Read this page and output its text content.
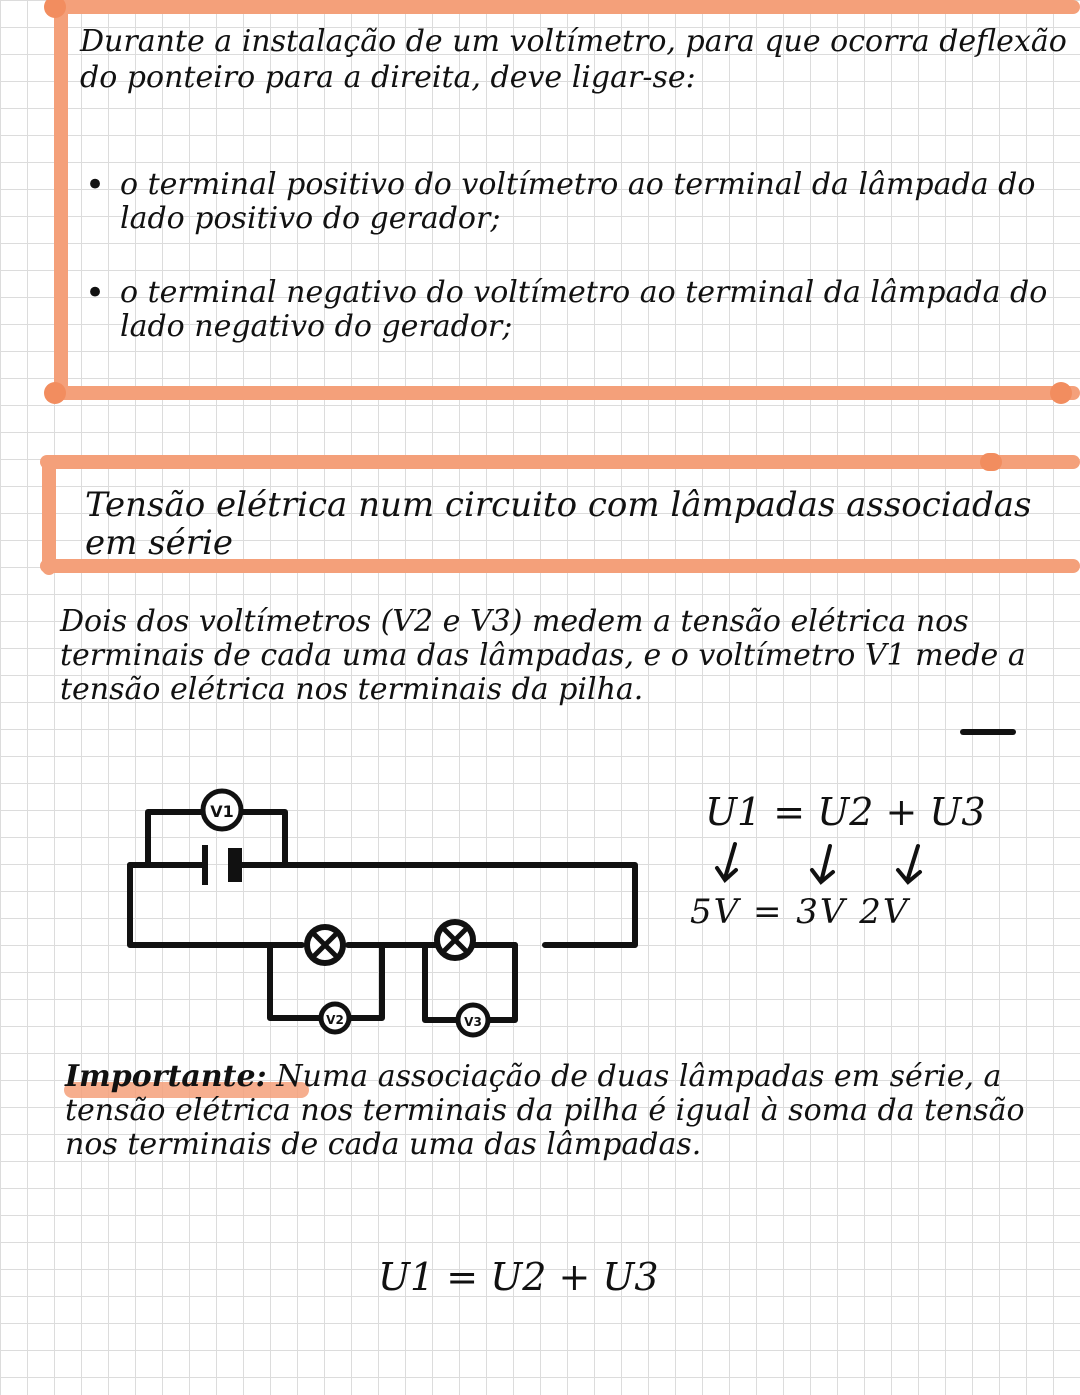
Durante a instalação de um voltímetro, para que ocorra deflexão do ponteiro para a direita, deve ligar-se:
• o terminal positivo do voltímetro ao terminal da lâmpada do lado positivo do gerador;
• o terminal negativo do voltímetro ao terminal da lâmpada do lado negativo do gerador;
Tensão elétrica num circuito com lâmpadas associadas em série
Dois dos voltímetros (V2 e V3) medem a tensão elétrica nos terminais de cada uma das lâmpadas, e o voltímetro V1 mede a tensão elétrica nos terminais da pilha.
V1
V2	V3
U1 = U2 + U3
5V = 3V 2V
Importante: Numa associação de duas lâmpadas em série, a tensão elétrica nos terminais da pilha é igual à soma da tensão nos terminais de cada uma das lâmpadas.
U1 = U2 + U3
